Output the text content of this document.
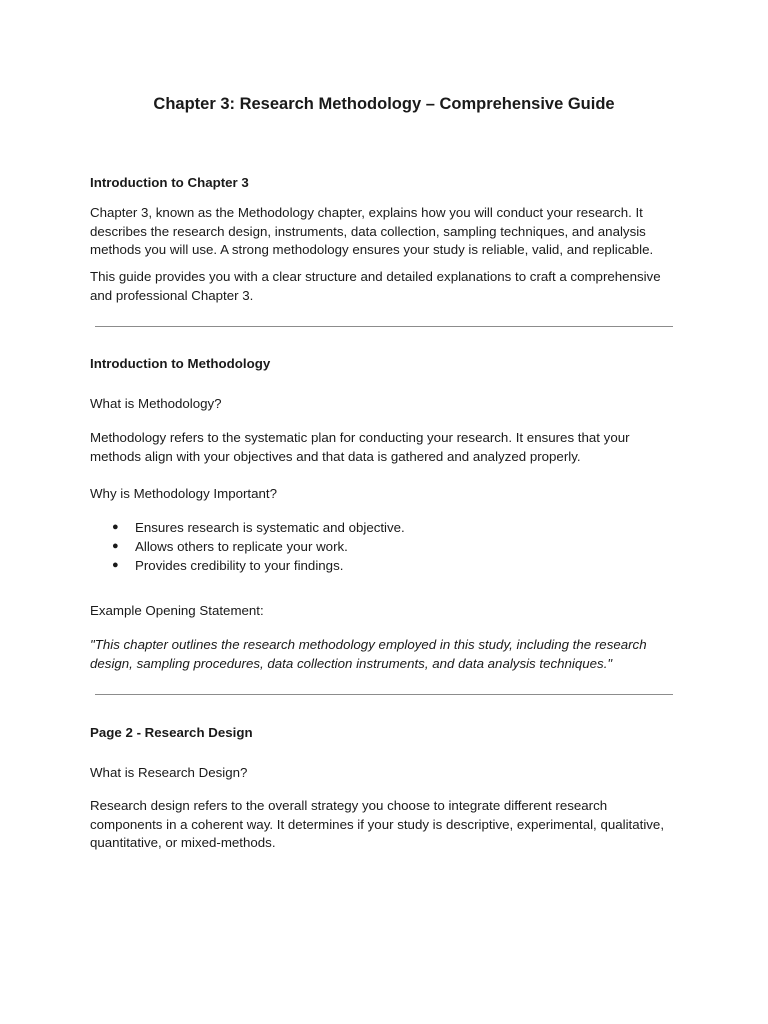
Chapter 3: Research Methodology – Comprehensive Guide
Introduction to Chapter 3

Chapter 3, known as the Methodology chapter, explains how you will conduct your research. It describes the research design, instruments, data collection, sampling techniques, and analysis methods you will use. A strong methodology ensures your study is reliable, valid, and replicable.

This guide provides you with a clear structure and detailed explanations to craft a comprehensive and professional Chapter 3.

Introduction to Methodology

What is Methodology?

Methodology refers to the systematic plan for conducting your research. It ensures that your methods align with your objectives and that data is gathered and analyzed properly.

Why is Methodology Important?

● Ensures research is systematic and objective.
● Allows others to replicate your work.
● Provides credibility to your findings.

Example Opening Statement:

"This chapter outlines the research methodology employed in this study, including the research design, sampling procedures, data collection instruments, and data analysis techniques."

Page 2 - Research Design

What is Research Design?

Research design refers to the overall strategy you choose to integrate different research components in a coherent way. It determines if your study is descriptive, experimental, qualitative, quantitative, or mixed-methods.
